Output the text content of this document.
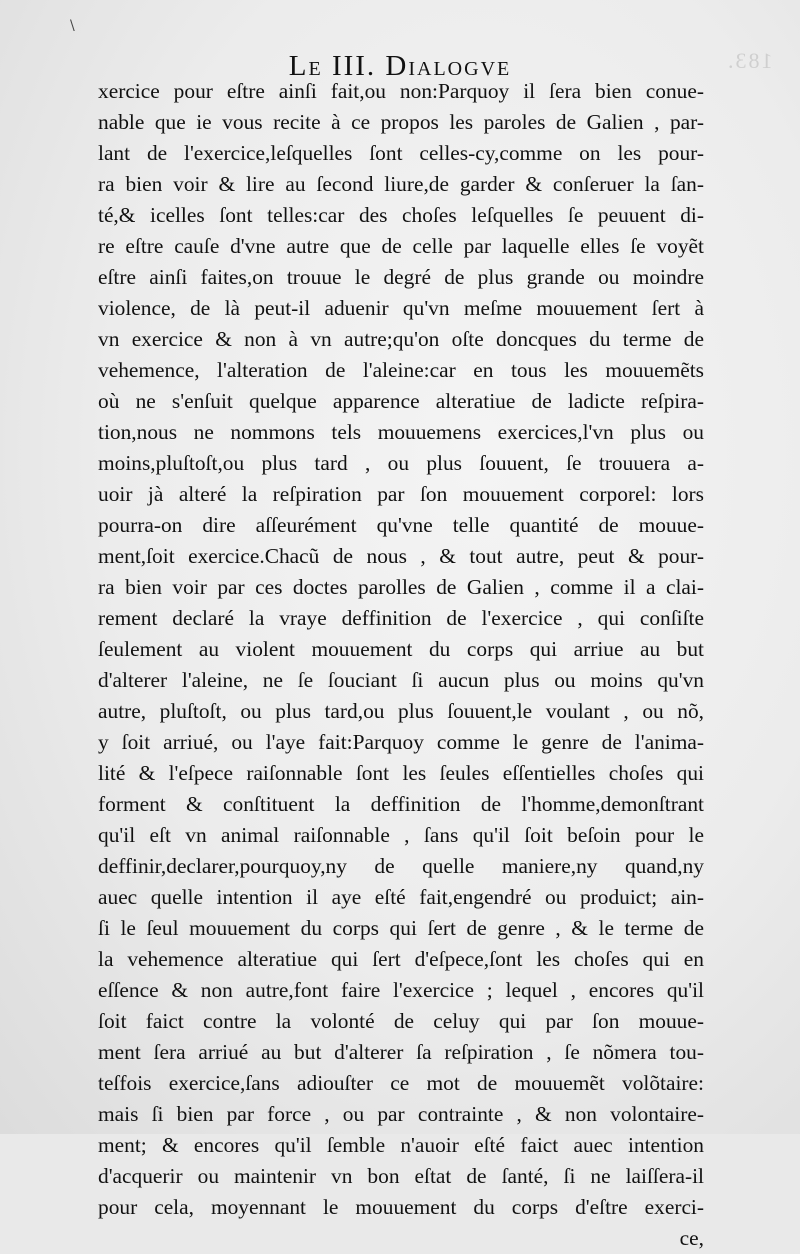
\
183.
Le III. Dialogve
xercice pour eſtre ainſi fait,ou non:Parquoy il ſera bien conue-
nable que ie vous recite à ce propos les paroles de Galien , par-
lant de l'exercice,leſquelles ſont celles-cy,comme on les pour-
ra bien voir & lire au ſecond liure,de garder & conſeruer la ſan-
té,& icelles ſont telles:car des choſes leſquelles ſe peuuent di-
re eſtre cauſe d'vne autre que de celle par laquelle elles ſe voyẽt
eſtre ainſi faites,on trouue le degré de plus grande ou moindre
violence, de là peut-il aduenir qu'vn meſme mouuement ſert à
vn exercice & non à vn autre;qu'on oſte doncques du terme de
vehemence, l'alteration de l'aleine:car en tous les mouuemẽts
où ne s'enſuit quelque apparence alteratiue de ladicte reſpira-
tion,nous ne nommons tels mouuemens exercices,l'vn plus ou
moins,pluſtoſt,ou plus tard , ou plus ſouuent, ſe trouuera a-
uoir jà alteré la reſpiration par ſon mouuement corporel: lors
pourra-on dire aſſeurément qu'vne telle quantité de mouue-
ment,ſoit exercice.Chacũ de nous , & tout autre, peut & pour-
ra bien voir par ces doctes parolles de Galien , comme il a clai-
rement declaré la vraye deffinition de l'exercice , qui conſiſte
ſeulement au violent mouuement du corps qui arriue au but
d'alterer l'aleine, ne ſe ſouciant ſi aucun plus ou moins qu'vn
autre, pluſtoſt, ou plus tard,ou plus ſouuent,le voulant , ou nõ,
y ſoit arriué, ou l'aye fait:Parquoy comme le genre de l'anima-
lité & l'eſpece raiſonnable ſont les ſeules eſſentielles choſes qui
forment & conſtituent la deffinition de l'homme,demonſtrant
qu'il eſt vn animal raiſonnable , ſans qu'il ſoit beſoin pour le
deffinir,declarer,pourquoy,ny de quelle maniere,ny quand,ny
auec quelle intention il aye eſté fait,engendré ou produict; ain-
ſi le ſeul mouuement du corps qui ſert de genre , & le terme de
la vehemence alteratiue qui ſert d'eſpece,ſont les choſes qui en
eſſence & non autre,font faire l'exercice ; lequel , encores qu'il
ſoit faict contre la volonté de celuy qui par ſon mouue-
ment ſera arriué au but d'alterer ſa reſpiration , ſe nõmera tou-
teſfois exercice,ſans adiouſter ce mot de mouuemẽt volõtaire:
mais ſi bien par force , ou par contrainte , & non volontaire-
ment; & encores qu'il ſemble n'auoir eſté faict auec intention
d'acquerir ou maintenir vn bon eſtat de ſanté, ſi ne laiſſera-il
pour cela, moyennant le mouuement du corps d'eſtre exerci-
ce,
